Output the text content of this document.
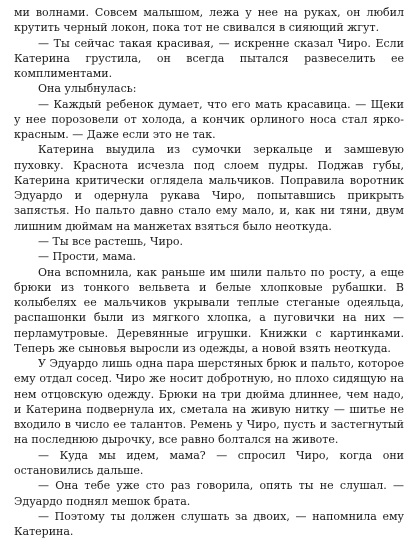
ми волнами. Совсем малышом, лежа у нее на руках, он любил крутить черный локон, пока тот не свивался в сияющий жгут.

— Ты сейчас такая красивая, — искренне сказал Чиро. Если Катерина грустила, он всегда пытался развеселить ее комплиментами.

Она улыбнулась:

— Каждый ребенок думает, что его мать красавица. — Щеки у нее порозовели от холода, а кончик орлиного носа стал ярко-красным. — Даже если это не так.

Катерина выудила из сумочки зеркальце и замшевую пуховку. Краснота исчезла под слоем пудры. Поджав губы, Катерина критически оглядела мальчиков. Поправила воротник Эдуардо и одернула рукава Чиро, попытавшись прикрыть запястья. Но пальто давно стало ему мало, и, как ни тяни, двум лишним дюймам на манжетах взяться было неоткуда.

— Ты все растешь, Чиро.

— Прости, мама.

Она вспомнила, как раньше им шили пальто по росту, а еще брюки из тонкого вельвета и белые хлопковые рубашки. В колыбелях ее мальчиков укрывали теплые стеганые одеяльца, распашонки были из мягкого хлопка, а пуговички на них — перламутровые. Деревянные игрушки. Книжки с картинками. Теперь же сыновья выросли из одежды, а новой взять неоткуда.

У Эдуардо лишь одна пара шерстяных брюк и пальто, которое ему отдал сосед. Чиро же носит добротную, но плохо сидящую на нем отцовскую одежду. Брюки на три дюйма длиннее, чем надо, и Катерина подвернула их, сметала на живую нитку — шитье не входило в число ее талантов. Ремень у Чиро, пусть и застегнутый на последнюю дырочку, все равно болтался на животе.

— Куда мы идем, мама? — спросил Чиро, когда они остановились дальше.

— Она тебе уже сто раз говорила, опять ты не слушал. — Эдуардо поднял мешок брата.

— Поэтому ты должен слушать за двоих, — напомнила ему Катерина.
